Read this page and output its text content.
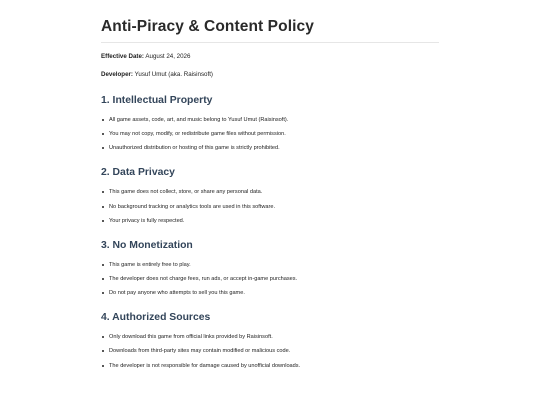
Anti-Piracy & Content Policy

Effective Date: August 24, 2026

Developer: Yusuf Umut (aka. Raisinsoft)

1. Intellectual Property
All game assets, code, art, and music belong to Yusuf Umut (Raisinsoft).
You may not copy, modify, or redistribute game files without permission.
Unauthorized distribution or hosting of this game is strictly prohibited.
2. Data Privacy
This game does not collect, store, or share any personal data.
No background tracking or analytics tools are used in this software.
Your privacy is fully respected.
3. No Monetization
This game is entirely free to play.
The developer does not charge fees, run ads, or accept in-game purchases.
Do not pay anyone who attempts to sell you this game.
4. Authorized Sources
Only download this game from official links provided by Raisinsoft.
Downloads from third-party sites may contain modified or malicious code.
The developer is not responsible for damage caused by unofficial downloads.
